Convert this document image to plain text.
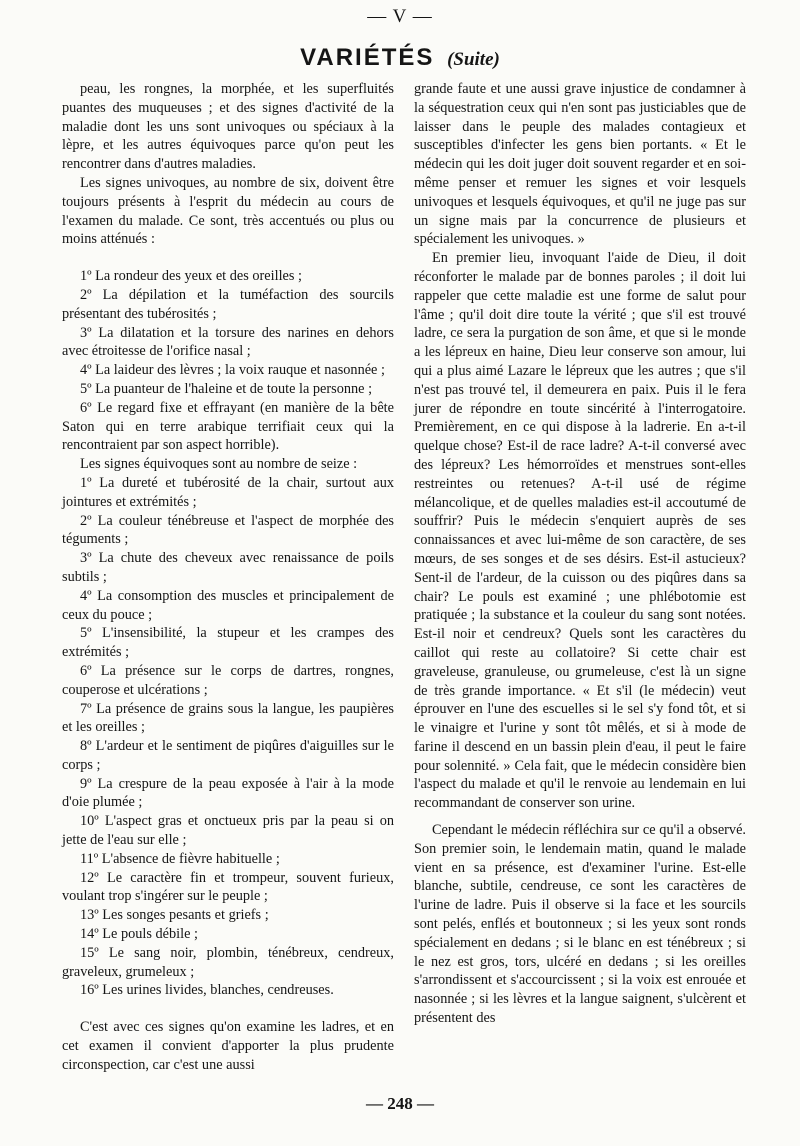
— V —
VARIÉTÉS (Suite)

peau, les rongnes, la morphée, et les superfluités puantes des muqueuses ; et des signes d'activité de la maladie dont les uns sont univoques ou spéciaux à la lèpre, et les autres équivoques parce qu'on peut les rencontrer dans d'autres maladies.

Les signes univoques, au nombre de six, doivent être toujours présents à l'esprit du médecin au cours de l'examen du malade. Ce sont, très accentués ou plus ou moins atténués :

1º La rondeur des yeux et des oreilles ;

2º La dépilation et la tuméfaction des sourcils présentant des tubérosités ;

3º La dilatation et la torsure des narines en dehors avec étroitesse de l'orifice nasal ;

4º La laideur des lèvres ; la voix rauque et nasonnée ;

5º La puanteur de l'haleine et de toute la personne ;

6º Le regard fixe et effrayant (en manière de la bête Saton qui en terre arabique terrifiait ceux qui la rencontraient par son aspect horrible).

Les signes équivoques sont au nombre de seize :

1º La dureté et tubérosité de la chair, surtout aux jointures et extrémités ;

2º La couleur ténébreuse et l'aspect de morphée des téguments ;

3º La chute des cheveux avec renaissance de poils subtils ;

4º La consomption des muscles et principalement de ceux du pouce ;

5º L'insensibilité, la stupeur et les crampes des extrémités ;

6º La présence sur le corps de dartres, rongnes, couperose et ulcérations ;

7º La présence de grains sous la langue, les paupières et les oreilles ;

8º L'ardeur et le sentiment de piqûres d'aiguilles sur le corps ;

9º La crespure de la peau exposée à l'air à la mode d'oie plumée ;

10º L'aspect gras et onctueux pris par la peau si on jette de l'eau sur elle ;

11º L'absence de fièvre habituelle ;

12º Le caractère fin et trompeur, souvent furieux, voulant trop s'ingérer sur le peuple ;

13º Les songes pesants et griefs ;

14º Le pouls débile ;

15º Le sang noir, plombin, ténébreux, cendreux, graveleux, grumeleux ;

16º Les urines livides, blanches, cendreuses.

C'est avec ces signes qu'on examine les ladres, et en cet examen il convient d'apporter la plus prudente circonspection, car c'est une aussi

grande faute et une aussi grave injustice de condamner à la séquestration ceux qui n'en sont pas justiciables que de laisser dans le peuple des malades contagieux et susceptibles d'infecter les gens bien portants. « Et le médecin qui les doit juger doit souvent regarder et en soi-même penser et remuer les signes et voir lesquels univoques et lesquels équivoques, et qu'il ne juge pas sur un signe mais par la concurrence de plusieurs et spécialement les univoques. »

En premier lieu, invoquant l'aide de Dieu, il doit réconforter le malade par de bonnes paroles ; il doit lui rappeler que cette maladie est une forme de salut pour l'âme ; qu'il doit dire toute la vérité ; que s'il est trouvé ladre, ce sera la purgation de son âme, et que si le monde a les lépreux en haine, Dieu leur conserve son amour, lui qui a plus aimé Lazare le lépreux que les autres ; que s'il n'est pas trouvé tel, il demeurera en paix. Puis il le fera jurer de répondre en toute sincérité à l'interrogatoire. Premièrement, en ce qui dispose à la ladrerie. En a-t-il quelque chose? Est-il de race ladre? A-t-il conversé avec des lépreux? Les hémorroïdes et menstrues sont-elles restreintes ou retenues? A-t-il usé de régime mélancolique, et de quelles maladies est-il accoutumé de souffrir? Puis le médecin s'enquiert auprès de ses connaissances et avec lui-même de son caractère, de ses mœurs, de ses songes et de ses désirs. Est-il astucieux? Sent-il de l'ardeur, de la cuisson ou des piqûres dans sa chair? Le pouls est examiné ; une phlébotomie est pratiquée ; la substance et la couleur du sang sont notées. Est-il noir et cendreux? Quels sont les caractères du caillot qui reste au collatoire? Si cette chair est graveleuse, granuleuse, ou grumeleuse, c'est là un signe de très grande importance. « Et s'il (le médecin) veut éprouver en l'une des escuelles si le sel s'y fond tôt, et si le vinaigre et l'urine y sont tôt mêlés, et si à mode de farine il descend en un bassin plein d'eau, il peut le faire pour solennité. » Cela fait, que le médecin considère bien l'aspect du malade et qu'il le renvoie au lendemain en lui recommandant de conserver son urine.

Cependant le médecin réfléchira sur ce qu'il a observé. Son premier soin, le lendemain matin, quand le malade vient en sa présence, est d'examiner l'urine. Est-elle blanche, subtile, cendreuse, ce sont les caractères de l'urine de ladre. Puis il observe si la face et les sourcils sont pelés, enflés et boutonneux ; si les yeux sont ronds spécialement en dedans ; si le blanc en est ténébreux ; si le nez est gros, tors, ulcéré en dedans ; si les oreilles s'arrondissent et s'accourcissent ; si la voix est enrouée et nasonnée ; si les lèvres et la langue saignent, s'ulcèrent et présentent des

— 248 —
